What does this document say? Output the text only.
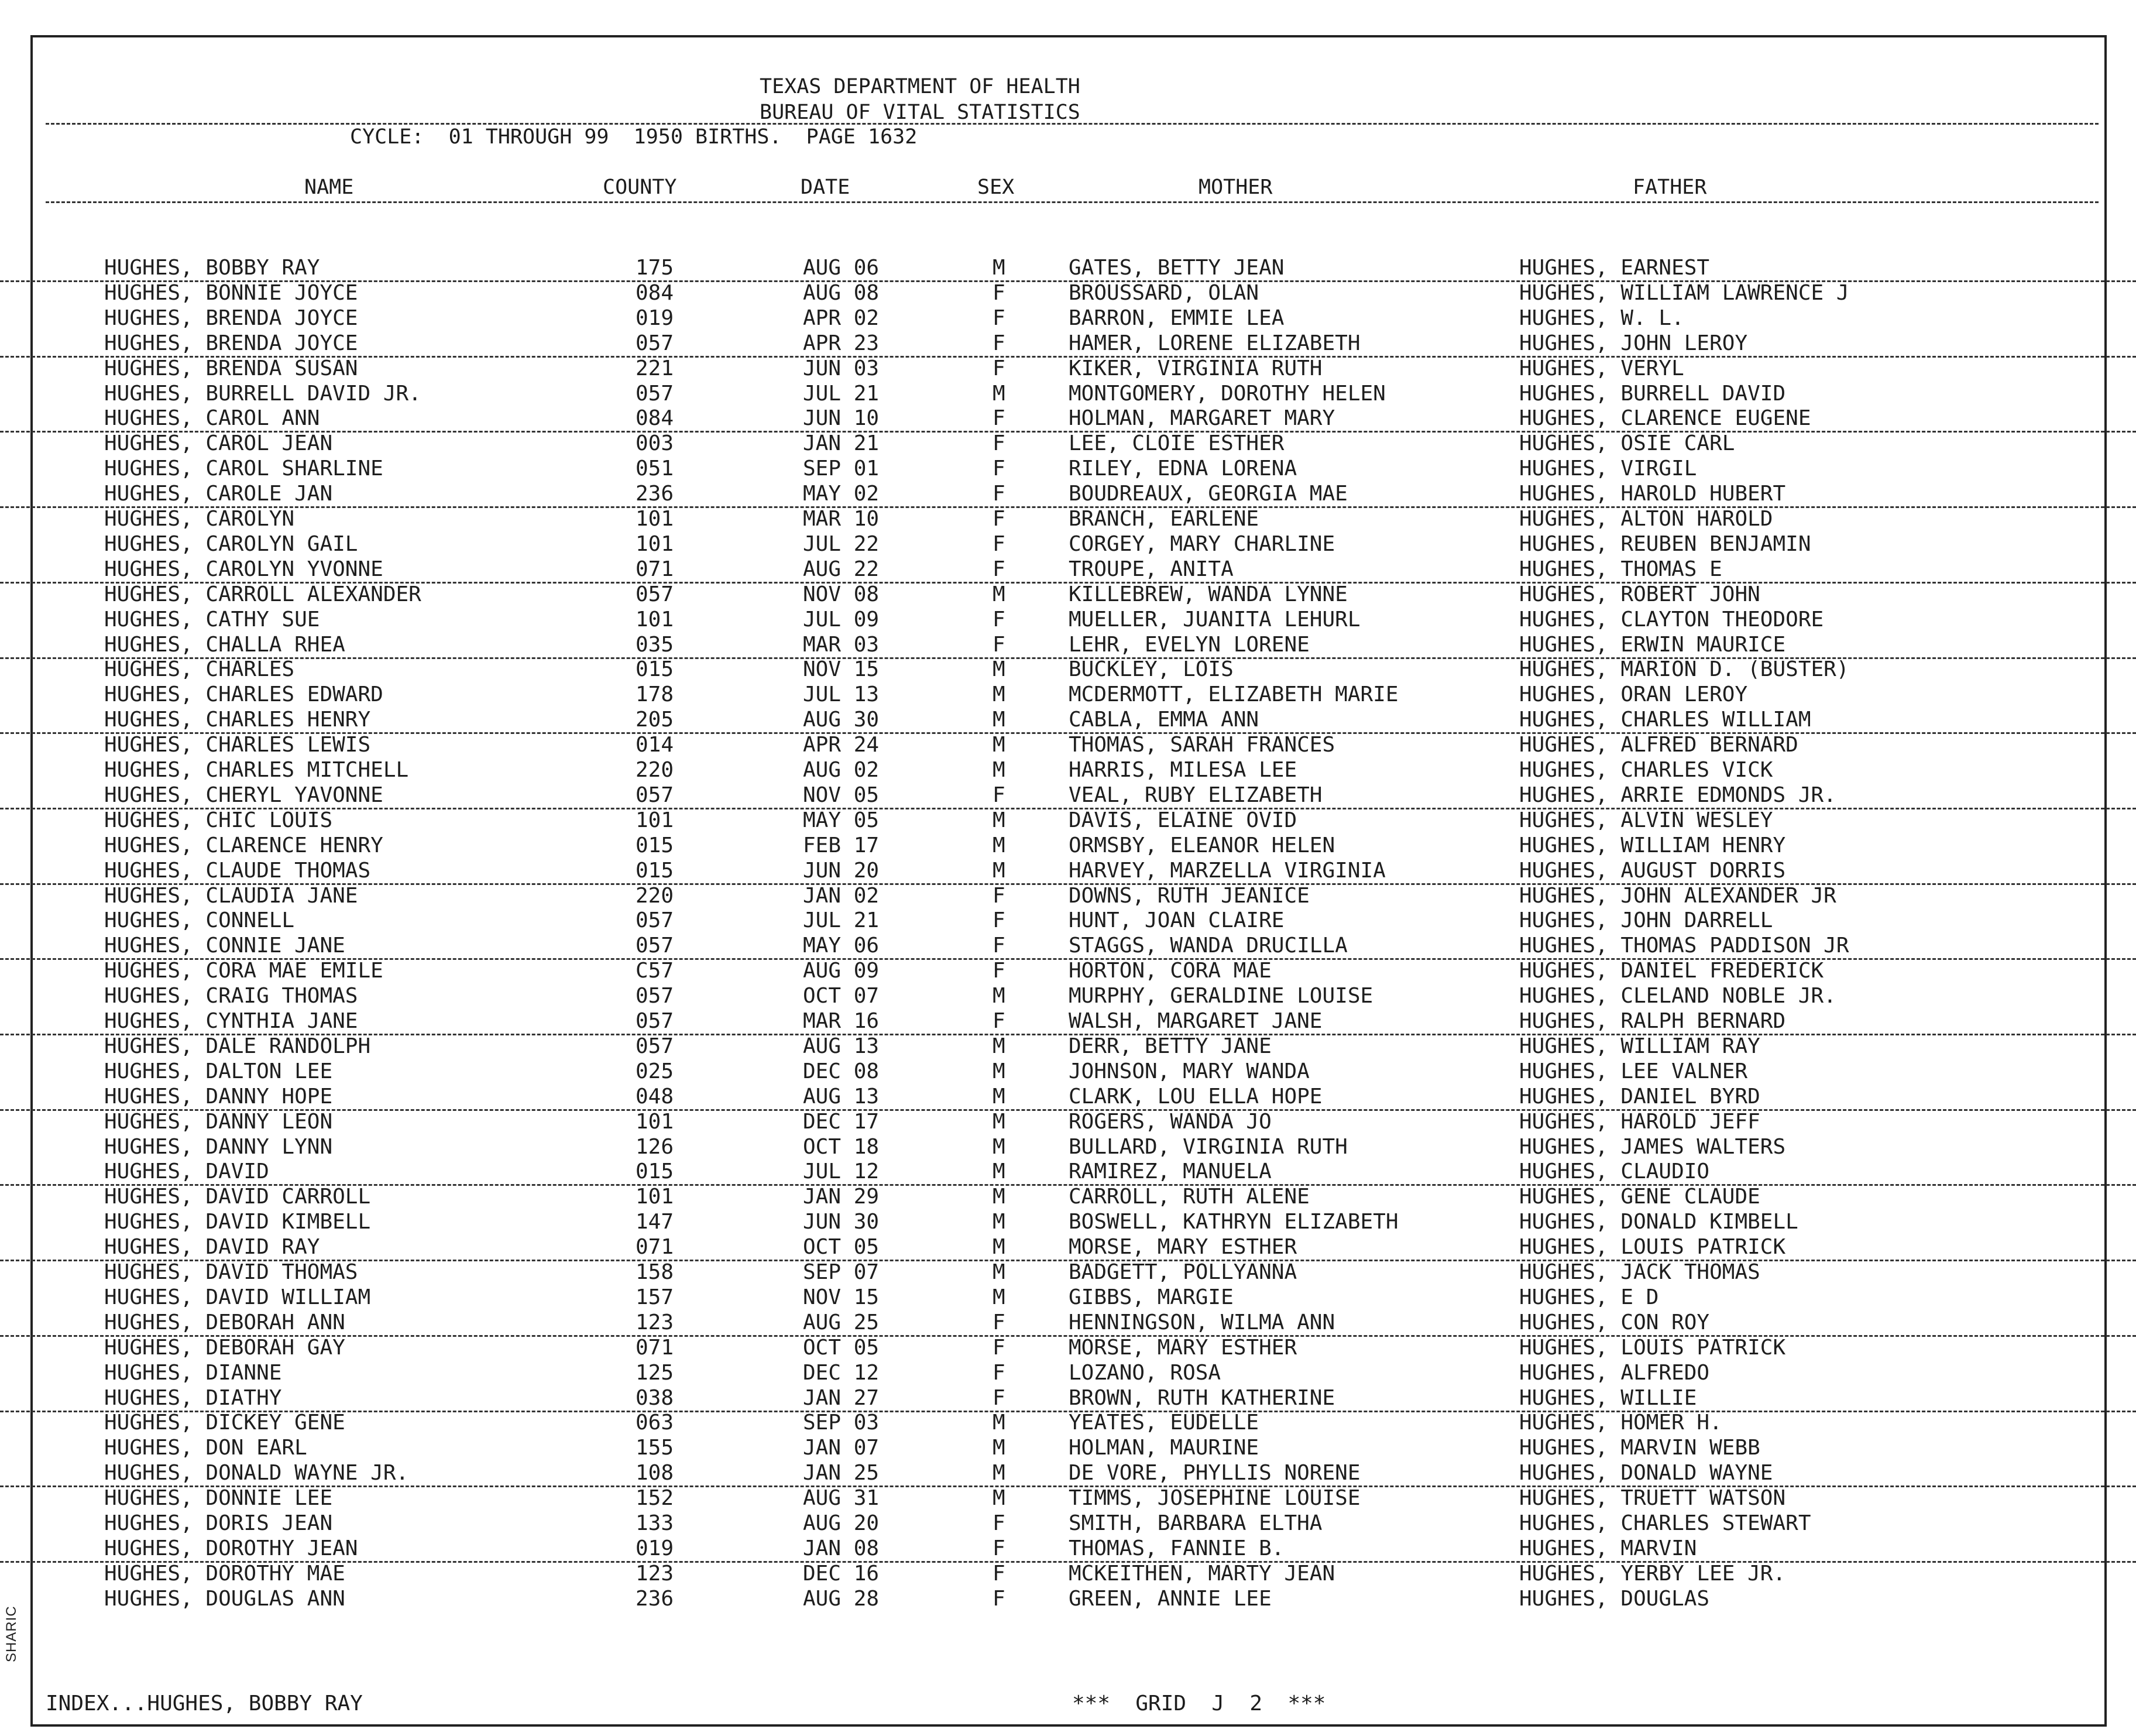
SHARIC
TEXAS DEPARTMENT OF HEALTH
BUREAU OF VITAL STATISTICS
CYCLE:  01 THROUGH 99  1950 BIRTHS.  PAGE 1632
NAME	COUNTY	DATE	SEX	MOTHER	FATHER
HUGHES, BOBBY RAY	175	AUG 06	M	GATES, BETTY JEAN	HUGHES, EARNEST
HUGHES, BONNIE JOYCE	084	AUG 08	F	BROUSSARD, OLAN	HUGHES, WILLIAM LAWRENCE J
HUGHES, BRENDA JOYCE	019	APR 02	F	BARRON, EMMIE LEA	HUGHES, W. L.
HUGHES, BRENDA JOYCE	057	APR 23	F	HAMER, LORENE ELIZABETH	HUGHES, JOHN LEROY
HUGHES, BRENDA SUSAN	221	JUN 03	F	KIKER, VIRGINIA RUTH	HUGHES, VERYL
HUGHES, BURRELL DAVID JR.	057	JUL 21	M	MONTGOMERY, DOROTHY HELEN	HUGHES, BURRELL DAVID
HUGHES, CAROL ANN	084	JUN 10	F	HOLMAN, MARGARET MARY	HUGHES, CLARENCE EUGENE
HUGHES, CAROL JEAN	003	JAN 21	F	LEE, CLOIE ESTHER	HUGHES, OSIE CARL
HUGHES, CAROL SHARLINE	051	SEP 01	F	RILEY, EDNA LORENA	HUGHES, VIRGIL
HUGHES, CAROLE JAN	236	MAY 02	F	BOUDREAUX, GEORGIA MAE	HUGHES, HAROLD HUBERT
HUGHES, CAROLYN	101	MAR 10	F	BRANCH, EARLENE	HUGHES, ALTON HAROLD
HUGHES, CAROLYN GAIL	101	JUL 22	F	CORGEY, MARY CHARLINE	HUGHES, REUBEN BENJAMIN
HUGHES, CAROLYN YVONNE	071	AUG 22	F	TROUPE, ANITA	HUGHES, THOMAS E
HUGHES, CARROLL ALEXANDER	057	NOV 08	M	KILLEBREW, WANDA LYNNE	HUGHES, ROBERT JOHN
HUGHES, CATHY SUE	101	JUL 09	F	MUELLER, JUANITA LEHURL	HUGHES, CLAYTON THEODORE
HUGHES, CHALLA RHEA	035	MAR 03	F	LEHR, EVELYN LORENE	HUGHES, ERWIN MAURICE
HUGHES, CHARLES	015	NOV 15	M	BUCKLEY, LOIS	HUGHES, MARION D. (BUSTER)
HUGHES, CHARLES EDWARD	178	JUL 13	M	MCDERMOTT, ELIZABETH MARIE	HUGHES, ORAN LEROY
HUGHES, CHARLES HENRY	205	AUG 30	M	CABLA, EMMA ANN	HUGHES, CHARLES WILLIAM
HUGHES, CHARLES LEWIS	014	APR 24	M	THOMAS, SARAH FRANCES	HUGHES, ALFRED BERNARD
HUGHES, CHARLES MITCHELL	220	AUG 02	M	HARRIS, MILESA LEE	HUGHES, CHARLES VICK
HUGHES, CHERYL YAVONNE	057	NOV 05	F	VEAL, RUBY ELIZABETH	HUGHES, ARRIE EDMONDS JR.
HUGHES, CHIC LOUIS	101	MAY 05	M	DAVIS, ELAINE OVID	HUGHES, ALVIN WESLEY
HUGHES, CLARENCE HENRY	015	FEB 17	M	ORMSBY, ELEANOR HELEN	HUGHES, WILLIAM HENRY
HUGHES, CLAUDE THOMAS	015	JUN 20	M	HARVEY, MARZELLA VIRGINIA	HUGHES, AUGUST DORRIS
HUGHES, CLAUDIA JANE	220	JAN 02	F	DOWNS, RUTH JEANICE	HUGHES, JOHN ALEXANDER JR
HUGHES, CONNELL	057	JUL 21	F	HUNT, JOAN CLAIRE	HUGHES, JOHN DARRELL
HUGHES, CONNIE JANE	057	MAY 06	F	STAGGS, WANDA DRUCILLA	HUGHES, THOMAS PADDISON JR
HUGHES, CORA MAE EMILE	C57	AUG 09	F	HORTON, CORA MAE	HUGHES, DANIEL FREDERICK
HUGHES, CRAIG THOMAS	057	OCT 07	M	MURPHY, GERALDINE LOUISE	HUGHES, CLELAND NOBLE JR.
HUGHES, CYNTHIA JANE	057	MAR 16	F	WALSH, MARGARET JANE	HUGHES, RALPH BERNARD
HUGHES, DALE RANDOLPH	057	AUG 13	M	DERR, BETTY JANE	HUGHES, WILLIAM RAY
HUGHES, DALTON LEE	025	DEC 08	M	JOHNSON, MARY WANDA	HUGHES, LEE VALNER
HUGHES, DANNY HOPE	048	AUG 13	M	CLARK, LOU ELLA HOPE	HUGHES, DANIEL BYRD
HUGHES, DANNY LEON	101	DEC 17	M	ROGERS, WANDA JO	HUGHES, HAROLD JEFF
HUGHES, DANNY LYNN	126	OCT 18	M	BULLARD, VIRGINIA RUTH	HUGHES, JAMES WALTERS
HUGHES, DAVID	015	JUL 12	M	RAMIREZ, MANUELA	HUGHES, CLAUDIO
HUGHES, DAVID CARROLL	101	JAN 29	M	CARROLL, RUTH ALENE	HUGHES, GENE CLAUDE
HUGHES, DAVID KIMBELL	147	JUN 30	M	BOSWELL, KATHRYN ELIZABETH	HUGHES, DONALD KIMBELL
HUGHES, DAVID RAY	071	OCT 05	M	MORSE, MARY ESTHER	HUGHES, LOUIS PATRICK
HUGHES, DAVID THOMAS	158	SEP 07	M	BADGETT, POLLYANNA	HUGHES, JACK THOMAS
HUGHES, DAVID WILLIAM	157	NOV 15	M	GIBBS, MARGIE	HUGHES, E D
HUGHES, DEBORAH ANN	123	AUG 25	F	HENNINGSON, WILMA ANN	HUGHES, CON ROY
HUGHES, DEBORAH GAY	071	OCT 05	F	MORSE, MARY ESTHER	HUGHES, LOUIS PATRICK
HUGHES, DIANNE	125	DEC 12	F	LOZANO, ROSA	HUGHES, ALFREDO
HUGHES, DIATHY	038	JAN 27	F	BROWN, RUTH KATHERINE	HUGHES, WILLIE
HUGHES, DICKEY GENE	063	SEP 03	M	YEATES, EUDELLE	HUGHES, HOMER H.
HUGHES, DON EARL	155	JAN 07	M	HOLMAN, MAURINE	HUGHES, MARVIN WEBB
HUGHES, DONALD WAYNE JR.	108	JAN 25	M	DE VORE, PHYLLIS NORENE	HUGHES, DONALD WAYNE
HUGHES, DONNIE LEE	152	AUG 31	M	TIMMS, JOSEPHINE LOUISE	HUGHES, TRUETT WATSON
HUGHES, DORIS JEAN	133	AUG 20	F	SMITH, BARBARA ELTHA	HUGHES, CHARLES STEWART
HUGHES, DOROTHY JEAN	019	JAN 08	F	THOMAS, FANNIE B.	HUGHES, MARVIN
HUGHES, DOROTHY MAE	123	DEC 16	F	MCKEITHEN, MARTY JEAN	HUGHES, YERBY LEE JR.
HUGHES, DOUGLAS ANN	236	AUG 28	F	GREEN, ANNIE LEE	HUGHES, DOUGLAS
INDEX...HUGHES, BOBBY RAY	***  GRID  J  2  ***
